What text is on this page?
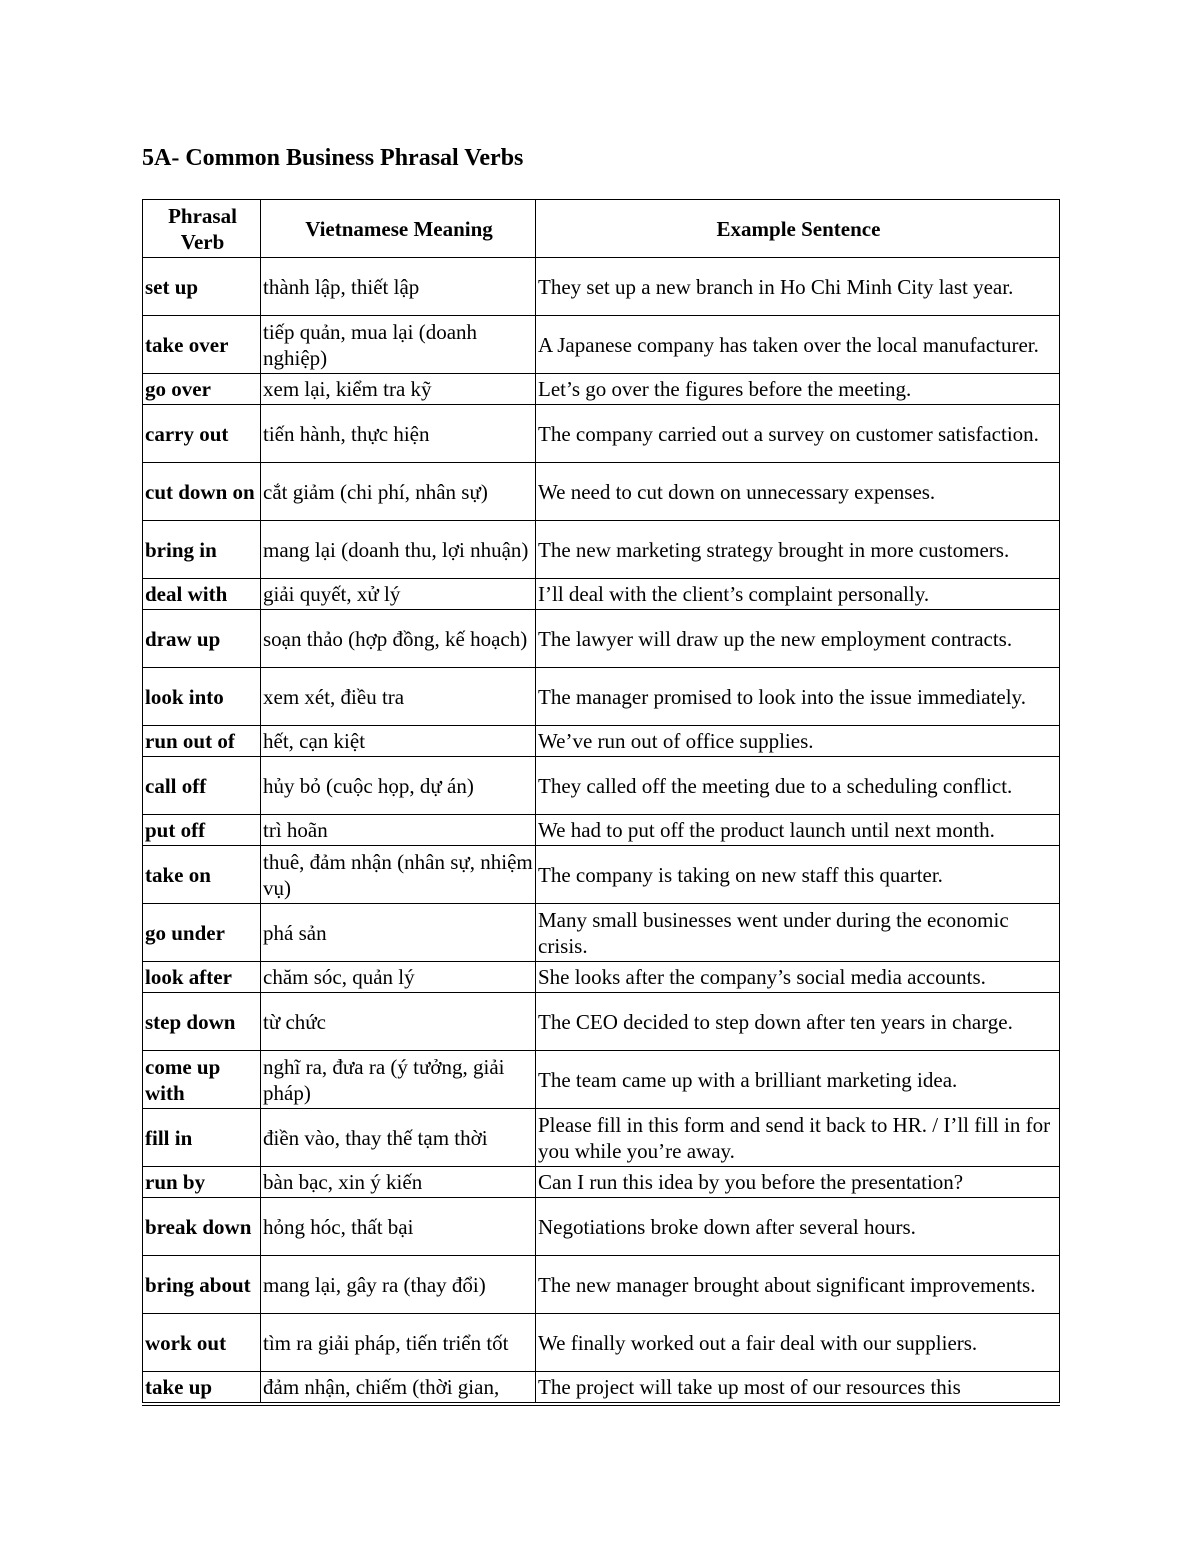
5A- Common Business Phrasal Verbs
Phrasal Verb	Vietnamese Meaning	Example Sentence
set up	thành lập, thiết lập	They set up a new branch in Ho Chi Minh City last year.
take over	tiếp quản, mua lại (doanh nghiệp)	A Japanese company has taken over the local manufacturer.
go over	xem lại, kiểm tra kỹ	Let’s go over the figures before the meeting.
carry out	tiến hành, thực hiện	The company carried out a survey on customer satisfaction.
cut down on	cắt giảm (chi phí, nhân sự)	We need to cut down on unnecessary expenses.
bring in	mang lại (doanh thu, lợi nhuận)	The new marketing strategy brought in more customers.
deal with	giải quyết, xử lý	I’ll deal with the client’s complaint personally.
draw up	soạn thảo (hợp đồng, kế hoạch)	The lawyer will draw up the new employment contracts.
look into	xem xét, điều tra	The manager promised to look into the issue immediately.
run out of	hết, cạn kiệt	We’ve run out of office supplies.
call off	hủy bỏ (cuộc họp, dự án)	They called off the meeting due to a scheduling conflict.
put off	trì hoãn	We had to put off the product launch until next month.
take on	thuê, đảm nhận (nhân sự, nhiệm vụ)	The company is taking on new staff this quarter.
go under	phá sản	Many small businesses went under during the economic crisis.
look after	chăm sóc, quản lý	She looks after the company’s social media accounts.
step down	từ chức	The CEO decided to step down after ten years in charge.
come up with	nghĩ ra, đưa ra (ý tưởng, giải pháp)	The team came up with a brilliant marketing idea.
fill in	điền vào, thay thế tạm thời	Please fill in this form and send it back to HR. / I’ll fill in for you while you’re away.
run by	bàn bạc, xin ý kiến	Can I run this idea by you before the presentation?
break down	hỏng hóc, thất bại	Negotiations broke down after several hours.
bring about	mang lại, gây ra (thay đổi)	The new manager brought about significant improvements.
work out	tìm ra giải pháp, tiến triển tốt	We finally worked out a fair deal with our suppliers.
take up	đảm nhận, chiếm (thời gian,	The project will take up most of our resources this
